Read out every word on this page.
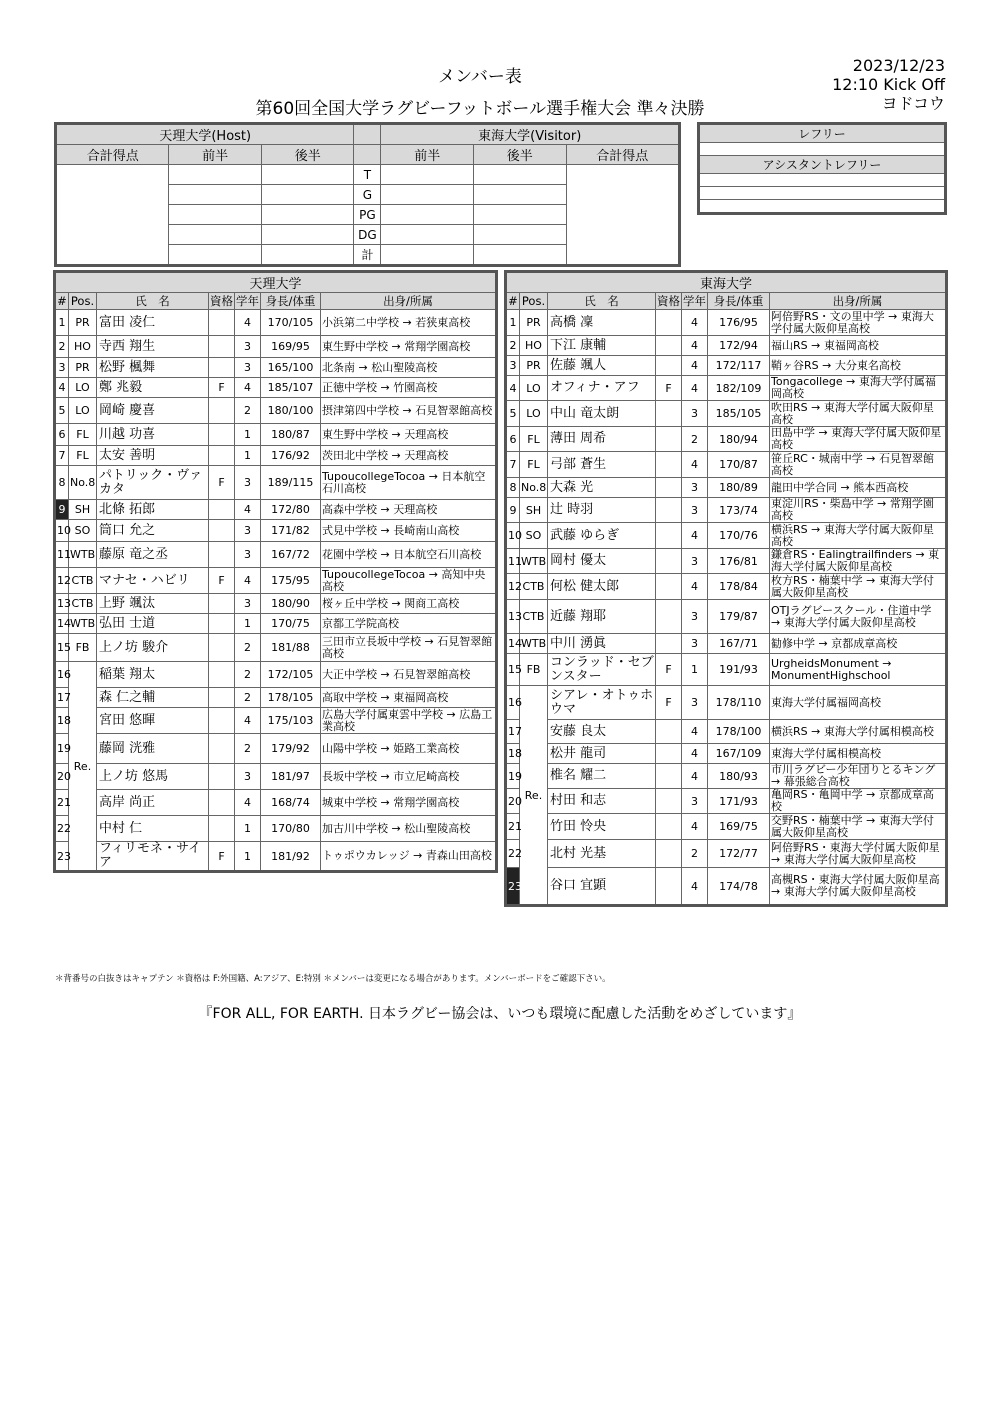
メンバー表
第60回全国大学ラグビーフットボール選手権大会 準々決勝
2023/12/23
12:10 Kick Off
ヨドコウ
天理大学(Host)				東海大学(Visitor)		
合計得点	前半	後半		前半	後半	合計得点
			T			
			G			
			PG			
			DG			
			計			
レフリー

アシスタントレフリー

天理大学						
#	Pos.	氏　名	資格	学年	身長/体重	出身/所属
1	PR	富田 凌仁		4	170/105	小浜第二中学校 → 若狭東高校
2	HO	寺西 翔生		3	169/95	東生野中学校 → 常翔学園高校
3	PR	松野 楓舞		3	165/100	北条南 → 松山聖陵高校
4	LO	鄭 兆毅	F	4	185/107	正徳中学校 → 竹園高校
5	LO	岡崎 慶喜		2	180/100	摂津第四中学校 → 石見智翠館高校
6	FL	川越 功喜		1	180/87	東生野中学校 → 天理高校
7	FL	太安 善明		1	176/92	茨田北中学校 → 天理高校
8	No.8	パトリック・ヴァカタ	F	3	189/115	TupoucollegeTocoa → 日本航空石川高校
9	SH	北條 拓郎		4	172/80	高森中学校 → 天理高校
10	SO	筒口 允之		3	171/82	式見中学校 → 長崎南山高校
11	WTB	藤原 竜之丞		3	167/72	花園中学校 → 日本航空石川高校
12	CTB	マナセ・ハビリ	F	4	175/95	TupoucollegeTocoa → 高知中央高校
13	CTB	上野 颯汰		3	180/90	桜ヶ丘中学校 → 関商工高校
14	WTB	弘田 士道		1	170/75	京都工学院高校
15	FB	上ノ坊 駿介		2	181/88	三田市立長坂中学校 → 石見智翠館高校
16	Re.	稲葉 翔太		2	172/105	大正中学校 → 石見智翠館高校
17		森 仁之輔		2	178/105	高取中学校 → 東福岡高校
18		宮田 悠暉		4	175/103	広島大学付属東雲中学校 → 広島工業高校
19		藤岡 洸雅		2	179/92	山陽中学校 → 姫路工業高校
20		上ノ坊 悠馬		3	181/97	長坂中学校 → 市立尼崎高校
21		高岸 尚正		4	168/74	城東中学校 → 常翔学園高校
22		中村 仁		1	170/80	加古川中学校 → 松山聖陵高校
23		フィリモネ・サイア	F	1	181/92	トゥポウカレッジ → 青森山田高校
東海大学						
#	Pos.	氏　名	資格	学年	身長/体重	出身/所属
1	PR	高橋 凜		4	176/95	阿倍野RS・文の里中学 → 東海大学付属大阪仰星高校
2	HO	下江 康輔		4	172/94	福山RS → 東福岡高校
3	PR	佐藤 颯人		4	172/117	鞘ヶ谷RS → 大分東名高校
4	LO	オフィナ・アフ	F	4	182/109	Tongacollege → 東海大学付属福岡高校
5	LO	中山 竜太朗		3	185/105	吹田RS → 東海大学付属大阪仰星高校
6	FL	薄田 周希		2	180/94	田島中学 → 東海大学付属大阪仰星高校
7	FL	弓部 蒼生		4	170/87	笹丘RC・城南中学 → 石見智翠館高校
8	No.8	大森 光		3	180/89	龍田中学合同 → 熊本西高校
9	SH	辻 時羽		3	173/74	東淀川RS・柴島中学 → 常翔学園高校
10	SO	武藤 ゆらぎ		4	170/76	横浜RS → 東海大学付属大阪仰星高校
11	WTB	岡村 優太		3	176/81	鎌倉RS・Ealingtrailfinders → 東海大学付属大阪仰星高校
12	CTB	何松 健太郎		4	178/84	枚方RS・楠葉中学 → 東海大学付属大阪仰星高校
13	CTB	近藤 翔耶		3	179/87	OTJラグビースクール・住道中学 → 東海大学付属大阪仰星高校
14	WTB	中川 湧眞		3	167/71	勧修中学 → 京都成章高校
15	FB	コンラッド・セブンスター	F	1	191/93	UrgheidsMonument → MonumentHighschool
16	Re.	シアレ・オトゥホウマ	F	3	178/110	東海大学付属福岡高校
17		安藤 良太		4	178/100	横浜RS → 東海大学付属相模高校
18		松井 龍司		4	167/109	東海大学付属相模高校
19		椎名 耀二		4	180/93	市川ラグビー少年団りとるキング → 幕張総合高校
20		村田 和志		3	171/93	亀岡RS・亀岡中学 → 京都成章高校
21		竹田 怜央		4	169/75	交野RS・楠葉中学 → 東海大学付属大阪仰星高校
22		北村 光基		2	172/77	阿倍野RS・東海大学付属大阪仰星 → 東海大学付属大阪仰星高校
23		谷口 宜顕		4	174/78	高槻RS・東海大学付属大阪仰星高 → 東海大学付属大阪仰星高校
＊背番号の白抜きはキャプテン ＊資格は F:外国籍、A:アジア、E:特別 ＊メンバーは変更になる場合があります。メンバーボードをご確認下さい。
『FOR ALL, FOR EARTH. 日本ラグビー協会は、いつも環境に配慮した活動をめざしています』
